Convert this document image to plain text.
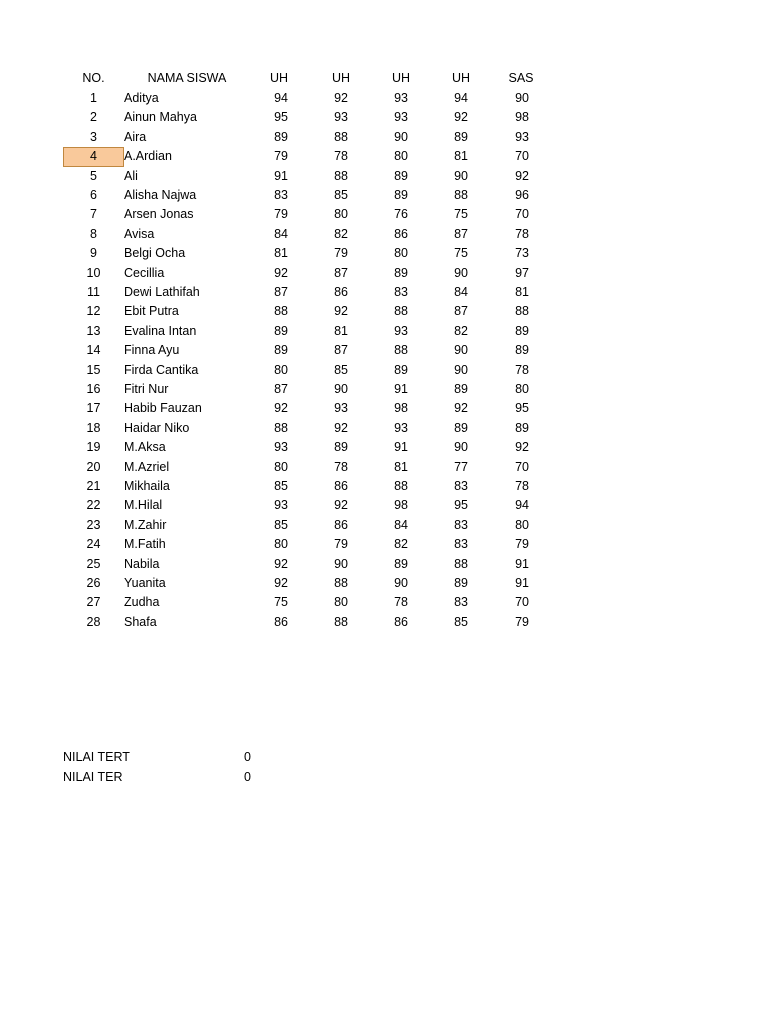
NO.	NAMA SISWA	UH	UH	UH	UH	SAS
1	Aditya	94	92	93	94	90
2	Ainun Mahya	95	93	93	92	98
3	Aira	89	88	90	89	93
4	A.Ardian	79	78	80	81	70
5	Ali	91	88	89	90	92
6	Alisha Najwa	83	85	89	88	96
7	Arsen Jonas	79	80	76	75	70
8	Avisa	84	82	86	87	78
9	Belgi Ocha	81	79	80	75	73
10	Cecillia	92	87	89	90	97
11	Dewi Lathifah	87	86	83	84	81
12	Ebit Putra	88	92	88	87	88
13	Evalina Intan	89	81	93	82	89
14	Finna Ayu	89	87	88	90	89
15	Firda Cantika	80	85	89	90	78
16	Fitri Nur	87	90	91	89	80
17	Habib Fauzan	92	93	98	92	95
18	Haidar Niko	88	92	93	89	89
19	M.Aksa	93	89	91	90	92
20	M.Azriel	80	78	81	77	70
21	Mikhaila	85	86	88	83	78
22	M.Hilal	93	92	98	95	94
23	M.Zahir	85	86	84	83	80
24	M.Fatih	80	79	82	83	79
25	Nabila	92	90	89	88	91
26	Yuanita	92	88	90	89	91
27	Zudha	75	80	78	83	70
28	Shafa	86	88	86	85	79
NILAI TERT	0
NILAI TER	0
